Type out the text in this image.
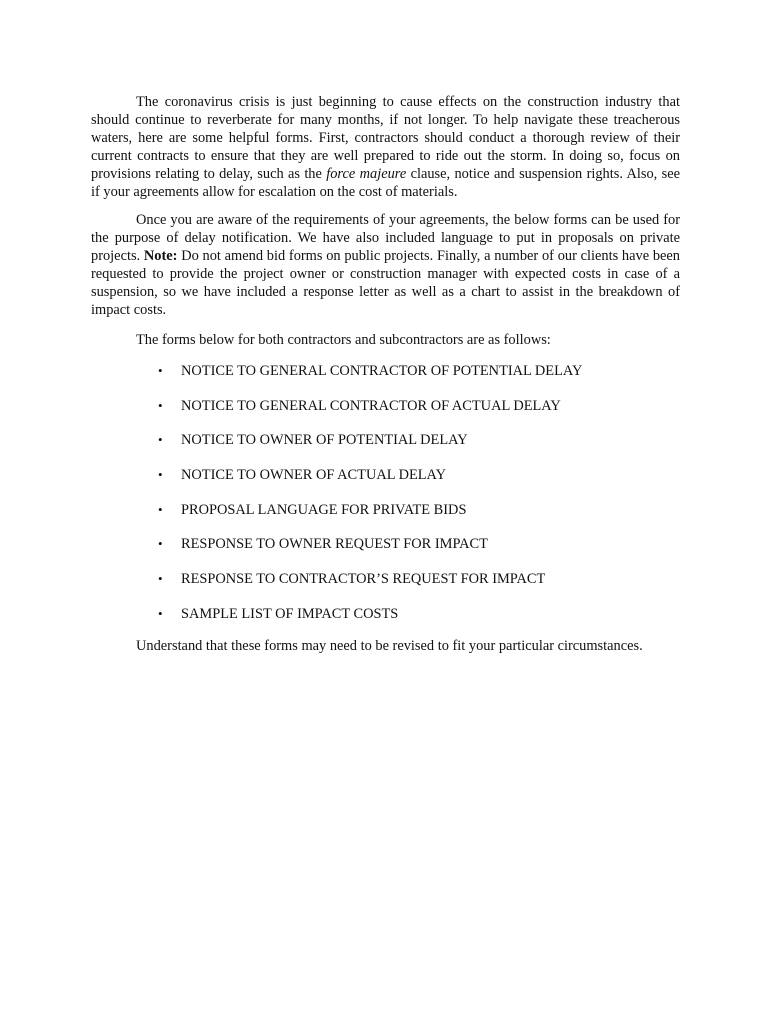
The coronavirus crisis is just beginning to cause effects on the construction industry that should continue to reverberate for many months, if not longer. To help navigate these treacherous waters, here are some helpful forms. First, contractors should conduct a thorough review of their current contracts to ensure that they are well prepared to ride out the storm. In doing so, focus on provisions relating to delay, such as the force majeure clause, notice and suspension rights. Also, see if your agreements allow for escalation on the cost of materials.

Once you are aware of the requirements of your agreements, the below forms can be used for the purpose of delay notification. We have also included language to put in proposals on private projects. Note: Do not amend bid forms on public projects. Finally, a number of our clients have been requested to provide the project owner or construction manager with expected costs in case of a suspension, so we have included a response letter as well as a chart to assist in the breakdown of impact costs.

The forms below for both contractors and subcontractors are as follows:

• NOTICE TO GENERAL CONTRACTOR OF POTENTIAL DELAY
• NOTICE TO GENERAL CONTRACTOR OF ACTUAL DELAY
• NOTICE TO OWNER OF POTENTIAL DELAY
• NOTICE TO OWNER OF ACTUAL DELAY
• PROPOSAL LANGUAGE FOR PRIVATE BIDS
• RESPONSE TO OWNER REQUEST FOR IMPACT
• RESPONSE TO CONTRACTOR’S REQUEST FOR IMPACT
• SAMPLE LIST OF IMPACT COSTS

Understand that these forms may need to be revised to fit your particular circumstances.
